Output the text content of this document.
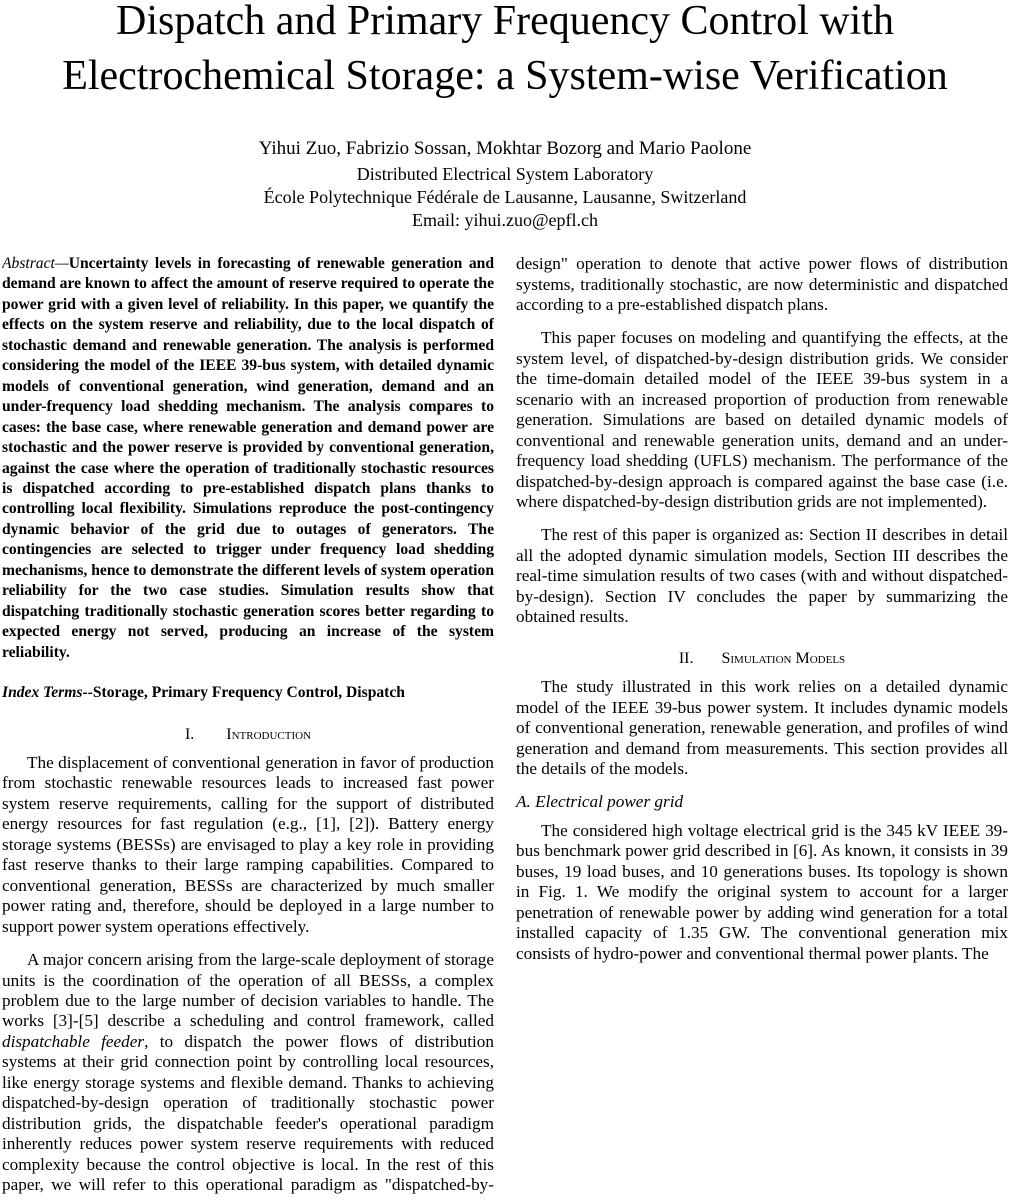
Dispatch and Primary Frequency Control with
Electrochemical Storage: a System-wise Verification
Yihui Zuo, Fabrizio Sossan, Mokhtar Bozorg and Mario Paolone
Distributed Electrical System Laboratory
École Polytechnique Fédérale de Lausanne, Lausanne, Switzerland
Email: yihui.zuo@epfl.ch

Abstract—Uncertainty levels in forecasting of renewable generation and demand are known to affect the amount of reserve required to operate the power grid with a given level of reliability. In this paper, we quantify the effects on the system reserve and reliability, due to the local dispatch of stochastic demand and renewable generation. The analysis is performed considering the model of the IEEE 39-bus system, with detailed dynamic models of conventional generation, wind generation, demand and an under-frequency load shedding mechanism. The analysis compares to cases: the base case, where renewable generation and demand power are stochastic and the power reserve is provided by conventional generation, against the case where the operation of traditionally stochastic resources is dispatched according to pre-established dispatch plans thanks to controlling local flexibility. Simulations reproduce the post-contingency dynamic behavior of the grid due to outages of generators. The contingencies are selected to trigger under frequency load shedding mechanisms, hence to demonstrate the different levels of system operation reliability for the two case studies. Simulation results show that dispatching traditionally stochastic generation scores better regarding to expected energy not served, producing an increase of the system reliability.

Index Terms--Storage, Primary Frequency Control, Dispatch

I. Introduction

The displacement of conventional generation in favor of production from stochastic renewable resources leads to increased fast power system reserve requirements, calling for the support of distributed energy resources for fast regulation (e.g., [1], [2]). Battery energy storage systems (BESSs) are envisaged to play a key role in providing fast reserve thanks to their large ramping capabilities. Compared to conventional generation, BESSs are characterized by much smaller power rating and, therefore, should be deployed in a large number to support power system operations effectively.

A major concern arising from the large-scale deployment of storage units is the coordination of the operation of all BESSs, a complex problem due to the large number of decision variables to handle. The works [3]-[5] describe a scheduling and control framework, called dispatchable feeder, to dispatch the power flows of distribution systems at their grid connection point by controlling local resources, like energy storage systems and flexible demand. Thanks to achieving dispatched-by-design operation of traditionally stochastic power distribution grids, the dispatchable feeder's operational paradigm inherently reduces power system reserve requirements with reduced complexity because the control objective is local. In the rest of this paper, we will refer to this operational paradigm as "dispatched-by-

design" operation to denote that active power flows of distribution systems, traditionally stochastic, are now deterministic and dispatched according to a pre-established dispatch plans.

This paper focuses on modeling and quantifying the effects, at the system level, of dispatched-by-design distribution grids. We consider the time-domain detailed model of the IEEE 39-bus system in a scenario with an increased proportion of production from renewable generation. Simulations are based on detailed dynamic models of conventional and renewable generation units, demand and an under-frequency load shedding (UFLS) mechanism. The performance of the dispatched-by-design approach is compared against the base case (i.e. where dispatched-by-design distribution grids are not implemented).

The rest of this paper is organized as: Section II describes in detail all the adopted dynamic simulation models, Section III describes the real-time simulation results of two cases (with and without dispatched-by-design). Section IV concludes the paper by summarizing the obtained results.

II. Simulation Models

The study illustrated in this work relies on a detailed dynamic model of the IEEE 39-bus power system. It includes dynamic models of conventional generation, renewable generation, and profiles of wind generation and demand from measurements. This section provides all the details of the models.

A. Electrical power grid

The considered high voltage electrical grid is the 345 kV IEEE 39-bus benchmark power grid described in [6]. As known, it consists in 39 buses, 19 load buses, and 10 generations buses. Its topology is shown in Fig. 1. We modify the original system to account for a larger penetration of renewable power by adding wind generation for a total installed capacity of 1.35 GW. The conventional generation mix consists of hydro-power and conventional thermal power plants. The
